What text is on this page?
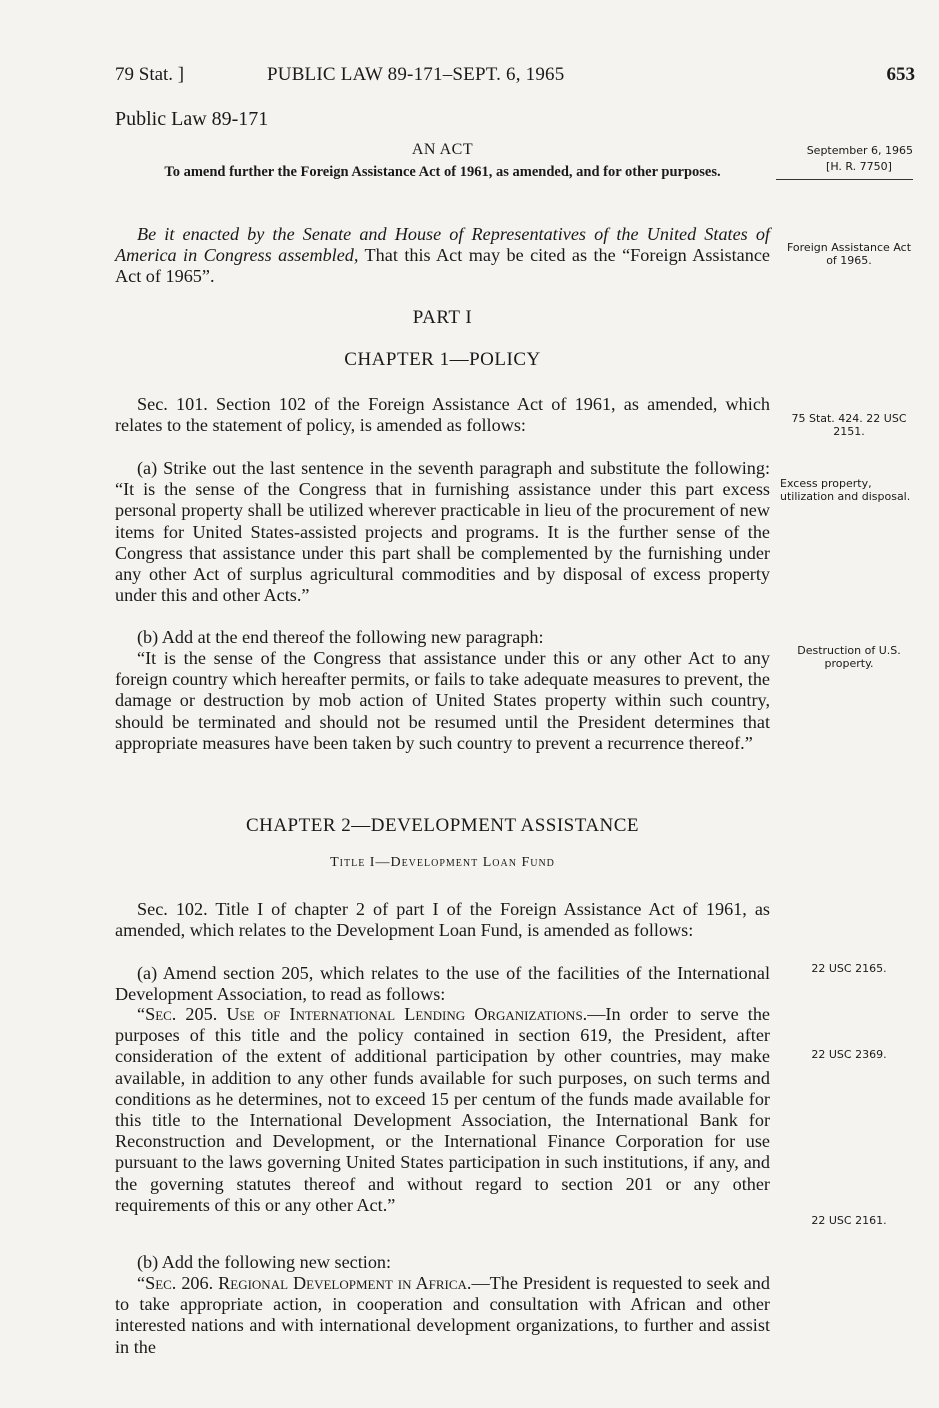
79 Stat. ]	PUBLIC LAW 89-171–SEPT. 6, 1965	653
Public Law 89-171
AN ACT
To amend further the Foreign Assistance Act of 1961, as amended, and for other purposes.
September 6, 1965
[H. R. 7750]

Be it enacted by the Senate and House of Representatives of the United States of America in Congress assembled, That this Act may be cited as the “Foreign Assistance Act of 1965”.

Foreign Assistance Act of 1965.
PART I
CHAPTER 1—POLICY

Sec. 101. Section 102 of the Foreign Assistance Act of 1961, as amended, which relates to the statement of policy, is amended as follows:	75 Stat. 424. 22 USC 2151.

(a) Strike out the last sentence in the seventh paragraph and substitute the following: “It is the sense of the Congress that in furnishing assistance under this part excess personal property shall be utilized wherever practicable in lieu of the procurement of new items for United States-assisted projects and programs. It is the further sense of the Congress that assistance under this part shall be complemented by the furnishing under any other Act of surplus agricultural commodities and by disposal of excess property under this and other Acts.”

Excess property, utilization and disposal.

(b) Add at the end thereof the following new paragraph:

“It is the sense of the Congress that assistance under this or any other Act to any foreign country which hereafter permits, or fails to take adequate measures to prevent, the damage or destruction by mob action of United States property within such country, should be terminated and should not be resumed until the President determines that appropriate measures have been taken by such country to prevent a recurrence thereof.”

Destruction of U.S. property.
CHAPTER 2—DEVELOPMENT ASSISTANCE
Title I—Development Loan Fund

Sec. 102. Title I of chapter 2 of part I of the Foreign Assistance Act of 1961, as amended, which relates to the Development Loan Fund, is amended as follows:

(a) Amend section 205, which relates to the use of the facilities of the International Development Association, to read as follows:

22 USC 2165.

“Sec. 205. Use of International Lending Organizations.—In order to serve the purposes of this title and the policy contained in section 619, the President, after consideration of the extent of additional participation by other countries, may make available, in addition to any other funds available for such purposes, on such terms and conditions as he determines, not to exceed 15 per centum of the funds made available for this title to the International Development Association, the International Bank for Reconstruction and Development, or the International Finance Corporation for use pursuant to the laws governing United States participation in such institutions, if any, and the governing statutes thereof and without regard to section 201 or any other requirements of this or any other Act.”

22 USC 2369.
22 USC 2161.

(b) Add the following new section:

“Sec. 206. Regional Development in Africa.—The President is requested to seek and to take appropriate action, in cooperation and consultation with African and other interested nations and with international development organizations, to further and assist in the
